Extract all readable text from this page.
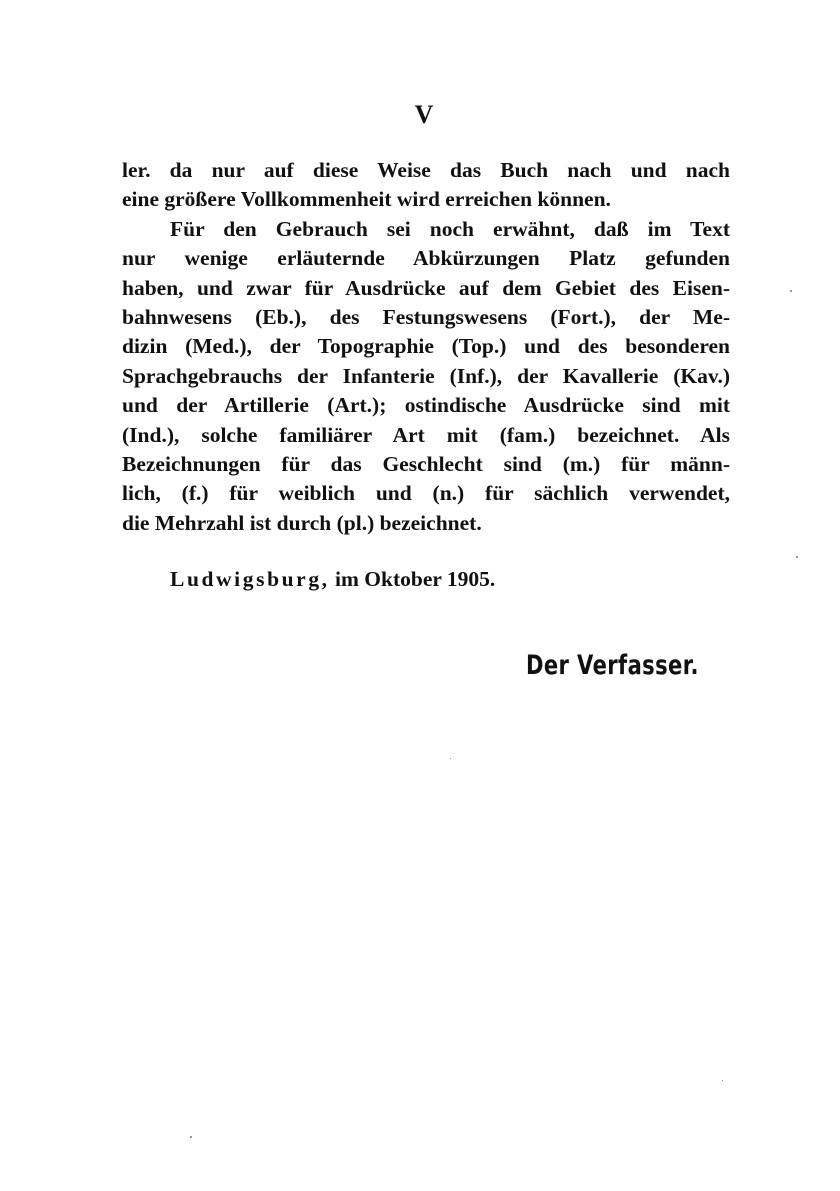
V
ler. da nur auf diese Weise das Buch nach und nach
eine größere Vollkommenheit wird erreichen können.
Für den Gebrauch sei noch erwähnt, daß im Text
nur wenige erläuternde Abkürzungen Platz gefunden
haben, und zwar für Ausdrücke auf dem Gebiet des Eisen-
bahnwesens (Eb.), des Festungswesens (Fort.), der Me-
dizin (Med.), der Topographie (Top.) und des besonderen
Sprachgebrauchs der Infanterie (Inf.), der Kavallerie (Kav.)
und der Artillerie (Art.); ostindische Ausdrücke sind mit
(Ind.), solche familiärer Art mit (fam.) bezeichnet. Als
Bezeichnungen für das Geschlecht sind (m.) für männ-
lich, (f.) für weiblich und (n.) für sächlich verwendet,
die Mehrzahl ist durch (pl.) bezeichnet.
Ludwigsburg, im Oktober 1905.
Der Verfasser.
